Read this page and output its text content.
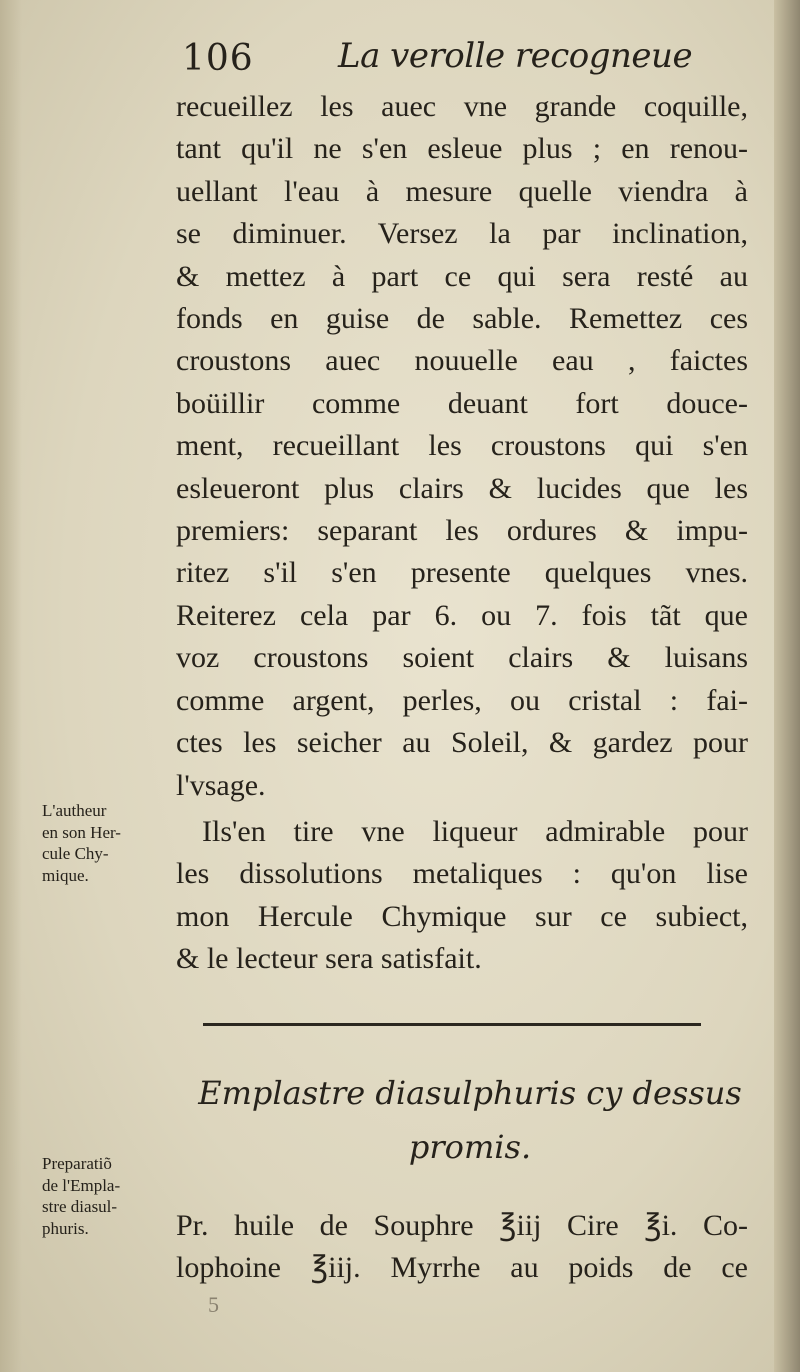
106 La verolle recogneue
recueillez les auec vne grande coquille,
tant qu'il ne s'en esleue plus ; en renou-
uellant l'eau à mesure quelle viendra à
se diminuer. Versez la par inclination,
& mettez à part ce qui sera resté au
fonds en guise de sable. Remettez ces
croustons auec nouuelle eau , faictes
boüillir comme deuant fort douce-
ment, recueillant les croustons qui s'en
esleueront plus clairs & lucides que les
premiers: separant les ordures & impu-
ritez s'il s'en presente quelques vnes.
Reiterez cela par 6. ou 7. fois tãt que
voz croustons soient clairs & luisans
comme argent, perles, ou cristal : fai-
ctes les seicher au Soleil, & gardez pour
l'vsage.
L'autheur
en son Her-
cule Chy-
mique.
Ils'en tire vne liqueur admirable pour
les dissolutions metaliques : qu'on lise
mon Hercule Chymique sur ce subiect,
& le lecteur sera satisfait.
Emplastre diasulphuris cy dessus
promis.
Preparatiõ
de l'Empla-
stre diasul-
phuris.	Pr. huile de Souphre ℥iij Cire ℥i. Co-
lophoine ℥iij. Myrrhe au poids de ce
5
